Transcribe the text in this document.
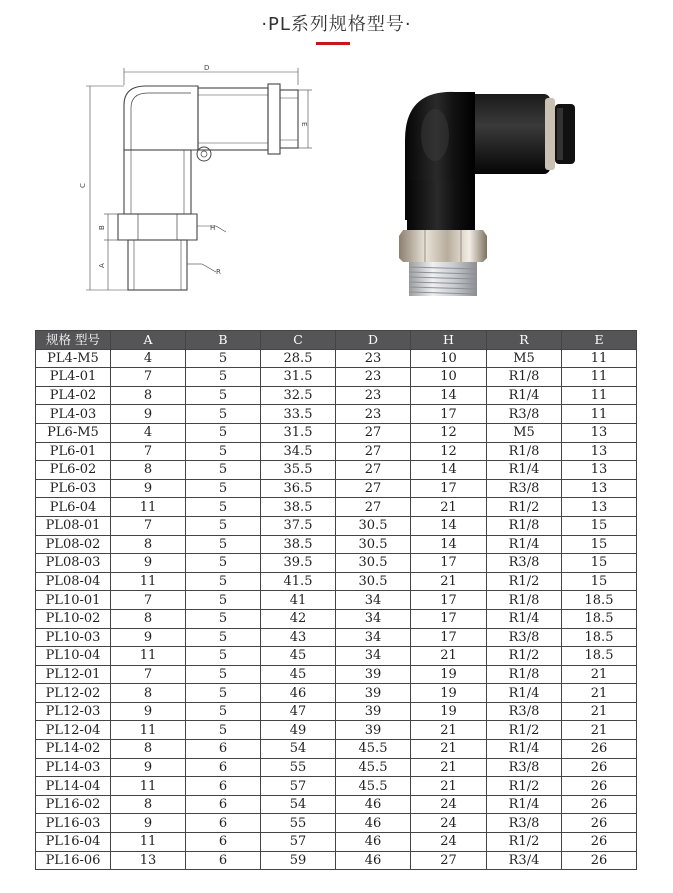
·PL系列规格型号·
D
E
C
B
A
H
R
规格 型号	A	B	C	D	H	R	E
PL4-M5	4	5	28.5	23	10	M5	11
PL4-01	7	5	31.5	23	10	R1/8	11
PL4-02	8	5	32.5	23	14	R1/4	11
PL4-03	9	5	33.5	23	17	R3/8	11
PL6-M5	4	5	31.5	27	12	M5	13
PL6-01	7	5	34.5	27	12	R1/8	13
PL6-02	8	5	35.5	27	14	R1/4	13
PL6-03	9	5	36.5	27	17	R3/8	13
PL6-04	11	5	38.5	27	21	R1/2	13
PL08-01	7	5	37.5	30.5	14	R1/8	15
PL08-02	8	5	38.5	30.5	14	R1/4	15
PL08-03	9	5	39.5	30.5	17	R3/8	15
PL08-04	11	5	41.5	30.5	21	R1/2	15
PL10-01	7	5	41	34	17	R1/8	18.5
PL10-02	8	5	42	34	17	R1/4	18.5
PL10-03	9	5	43	34	17	R3/8	18.5
PL10-04	11	5	45	34	21	R1/2	18.5
PL12-01	7	5	45	39	19	R1/8	21
PL12-02	8	5	46	39	19	R1/4	21
PL12-03	9	5	47	39	19	R3/8	21
PL12-04	11	5	49	39	21	R1/2	21
PL14-02	8	6	54	45.5	21	R1/4	26
PL14-03	9	6	55	45.5	21	R3/8	26
PL14-04	11	6	57	45.5	21	R1/2	26
PL16-02	8	6	54	46	24	R1/4	26
PL16-03	9	6	55	46	24	R3/8	26
PL16-04	11	6	57	46	24	R1/2	26
PL16-06	13	6	59	46	27	R3/4	26
